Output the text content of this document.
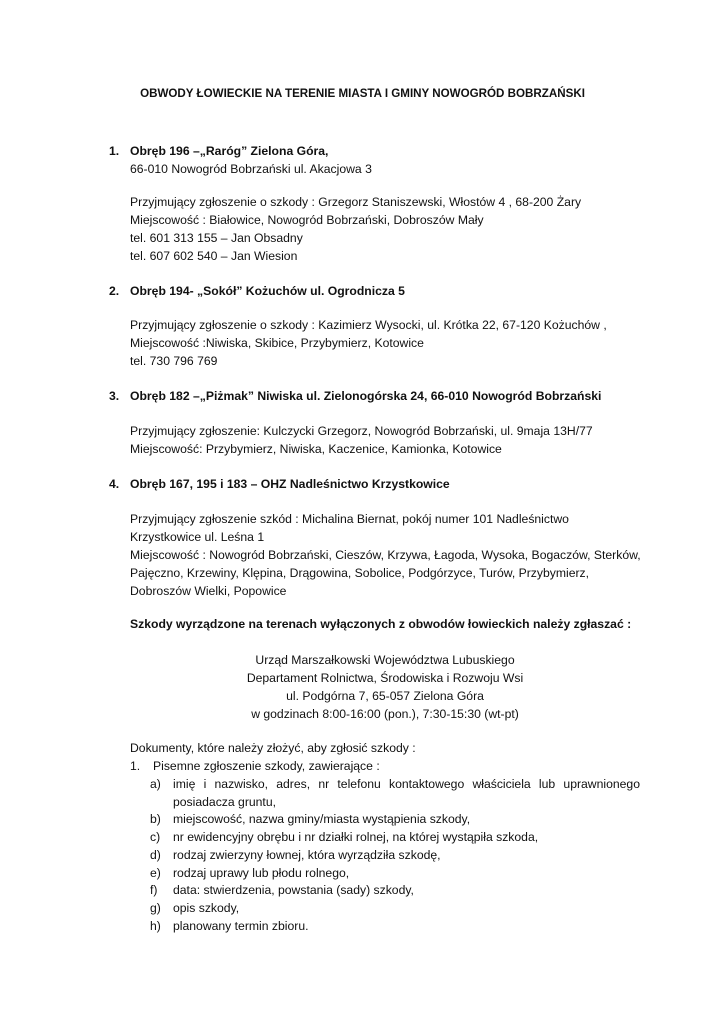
OBWODY ŁOWIECKIE NA TERENIE MIASTA I GMINY NOWOGRÓD BOBRZAŃSKI
1. Obręb 196 –„Raróg” Zielona Góra,
66-010 Nowogród Bobrzański ul. Akacjowa 3
Przyjmujący zgłoszenie o szkody : Grzegorz Staniszewski, Włostów 4 , 68-200 Żary
Miejscowość : Białowice, Nowogród Bobrzański, Dobroszów Mały
tel. 601 313 155 – Jan Obsadny
tel. 607 602 540 – Jan Wiesion
2. Obręb 194- „Sokół” Kożuchów ul. Ogrodnicza 5
Przyjmujący zgłoszenie o szkody : Kazimierz Wysocki, ul. Krótka 22, 67-120 Kożuchów ,
Miejscowość :Niwiska, Skibice, Przybymierz, Kotowice
tel. 730 796 769
3. Obręb 182 –„Piżmak” Niwiska ul. Zielonogórska 24, 66-010 Nowogród Bobrzański
Przyjmujący zgłoszenie: Kulczycki Grzegorz, Nowogród Bobrzański, ul. 9maja 13H/77
Miejscowość: Przybymierz, Niwiska, Kaczenice, Kamionka, Kotowice
4. Obręb 167, 195 i 183 – OHZ Nadleśnictwo Krzystkowice
Przyjmujący zgłoszenie szkód : Michalina Biernat, pokój numer 101 Nadleśnictwo
Krzystkowice ul. Leśna 1
Miejscowość : Nowogród Bobrzański, Cieszów, Krzywa, Łagoda, Wysoka, Bogaczów, Sterków,
Pajęczno, Krzewiny, Klępina, Drągowina, Sobolice, Podgórzyce, Turów, Przybymierz,
Dobroszów Wielki, Popowice
Szkody wyrządzone na terenach wyłączonych z obwodów łowieckich należy zgłaszać :
Urząd Marszałkowski Województwa Lubuskiego
Departament Rolnictwa, Środowiska i Rozwoju Wsi
ul. Podgórna 7, 65-057 Zielona Góra
w godzinach 8:00-16:00 (pon.), 7:30-15:30 (wt-pt)
Dokumenty, które należy złożyć, aby zgłosić szkody :
1. Pisemne zgłoszenie szkody, zawierające :
a) imię i nazwisko, adres, nr telefonu kontaktowego właściciela lub uprawnionego
posiadacza gruntu,
b) miejscowość, nazwa gminy/miasta wystąpienia szkody,
c) nr ewidencyjny obrębu i nr działki rolnej, na której wystąpiła szkoda,
d) rodzaj zwierzyny łownej, która wyrządziła szkodę,
e) rodzaj uprawy lub płodu rolnego,
f) data: stwierdzenia, powstania (sady) szkody,
g) opis szkody,
h) planowany termin zbioru.
